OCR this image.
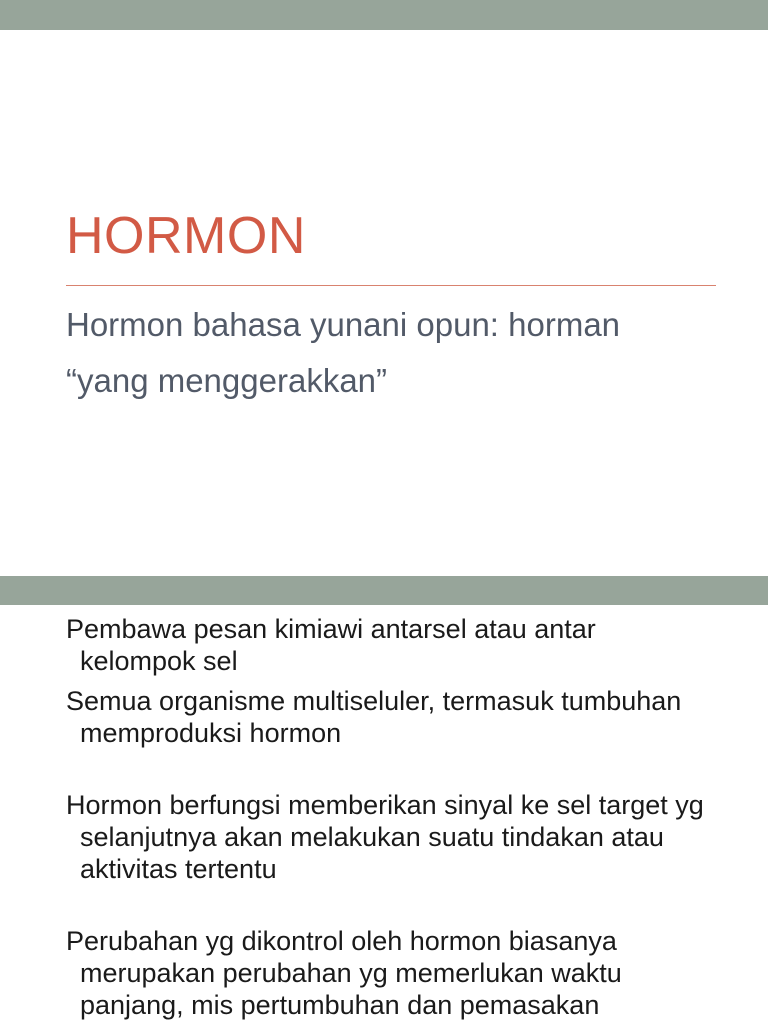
HORMON

Hormon bahasa yunani opun: horman

“yang menggerakkan”

Pembawa pesan kimiawi antarsel atau antar kelompok sel
Semua organisme multiseluler, termasuk tumbuhan memproduksi hormon
Hormon berfungsi memberikan sinyal ke sel target yg selanjutnya akan melakukan suatu tindakan atau aktivitas tertentu
Perubahan yg dikontrol oleh hormon biasanya merupakan perubahan yg memerlukan waktu panjang, mis pertumbuhan dan pemasakan
